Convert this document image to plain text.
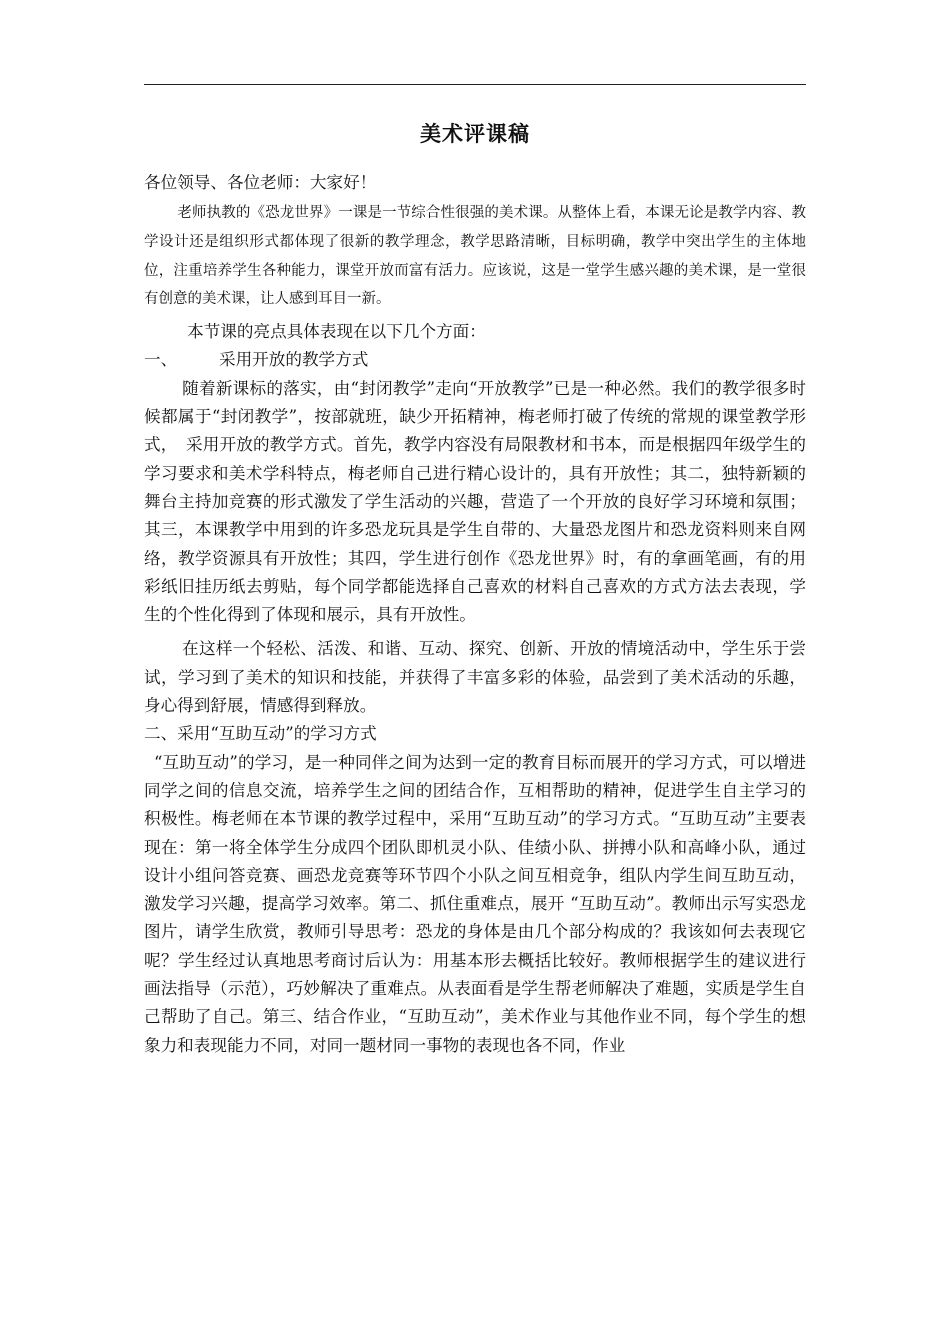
美术评课稿

各位领导、各位老师：大家好！

老师执教的《恐龙世界》一课是一节综合性很强的美术课。从整体上看，本课无论是教学内容、教学设计还是组织形式都体现了很新的教学理念，教学思路清晰，目标明确，教学中突出学生的主体地位，注重培养学生各种能力，课堂开放而富有活力。应该说，这是一堂学生感兴趣的美术课，是一堂很有创意的美术课，让人感到耳目一新。

本节课的亮点具体表现在以下几个方面：

一、	采用开放的教学方式

随着新课标的落实，由“封闭教学”走向“开放教学”已是一种必然。我们的教学很多时候都属于“封闭教学”，按部就班，缺少开拓精神，梅老师打破了传统的常规的课堂教学形式，　采用开放的教学方式。首先，教学内容没有局限教材和书本，而是根据四年级学生的学习要求和美术学科特点，梅老师自己进行精心设计的，具有开放性；其二，独特新颖的舞台主持加竞赛的形式激发了学生活动的兴趣，营造了一个开放的良好学习环境和氛围；其三，本课教学中用到的许多恐龙玩具是学生自带的、大量恐龙图片和恐龙资料则来自网络，教学资源具有开放性；其四，学生进行创作《恐龙世界》时，有的拿画笔画，有的用彩纸旧挂历纸去剪贴，每个同学都能选择自己喜欢的材料自己喜欢的方式方法去表现，学生的个性化得到了体现和展示，具有开放性。

在这样一个轻松、活泼、和谐、互动、探究、创新、开放的情境活动中，学生乐于尝试，学习到了美术的知识和技能，并获得了丰富多彩的体验，品尝到了美术活动的乐趣，身心得到舒展，情感得到释放。

二、采用“互助互动”的学习方式

“互助互动”的学习，是一种同伴之间为达到一定的教育目标而展开的学习方式，可以增进同学之间的信息交流，培养学生之间的团结合作，互相帮助的精神，促进学生自主学习的积极性。梅老师在本节课的教学过程中，采用“互助互动”的学习方式。“互助互动”主要表现在：第一将全体学生分成四个团队即机灵小队、佳绩小队、拼搏小队和高峰小队，通过设计小组问答竞赛、画恐龙竞赛等环节四个小队之间互相竞争，组队内学生间互助互动，激发学习兴趣，提高学习效率。第二、抓住重难点，展开 “互助互动”。教师出示写实恐龙图片，请学生欣赏，教师引导思考：恐龙的身体是由几个部分构成的？我该如何去表现它呢？学生经过认真地思考商讨后认为：用基本形去概括比较好。教师根据学生的建议进行画法指导（示范），巧妙解决了重难点。从表面看是学生帮老师解决了难题，实质是学生自己帮助了自己。第三、结合作业，“互助互动”，美术作业与其他作业不同，每个学生的想象力和表现能力不同，对同一题材同一事物的表现也各不同，作业
